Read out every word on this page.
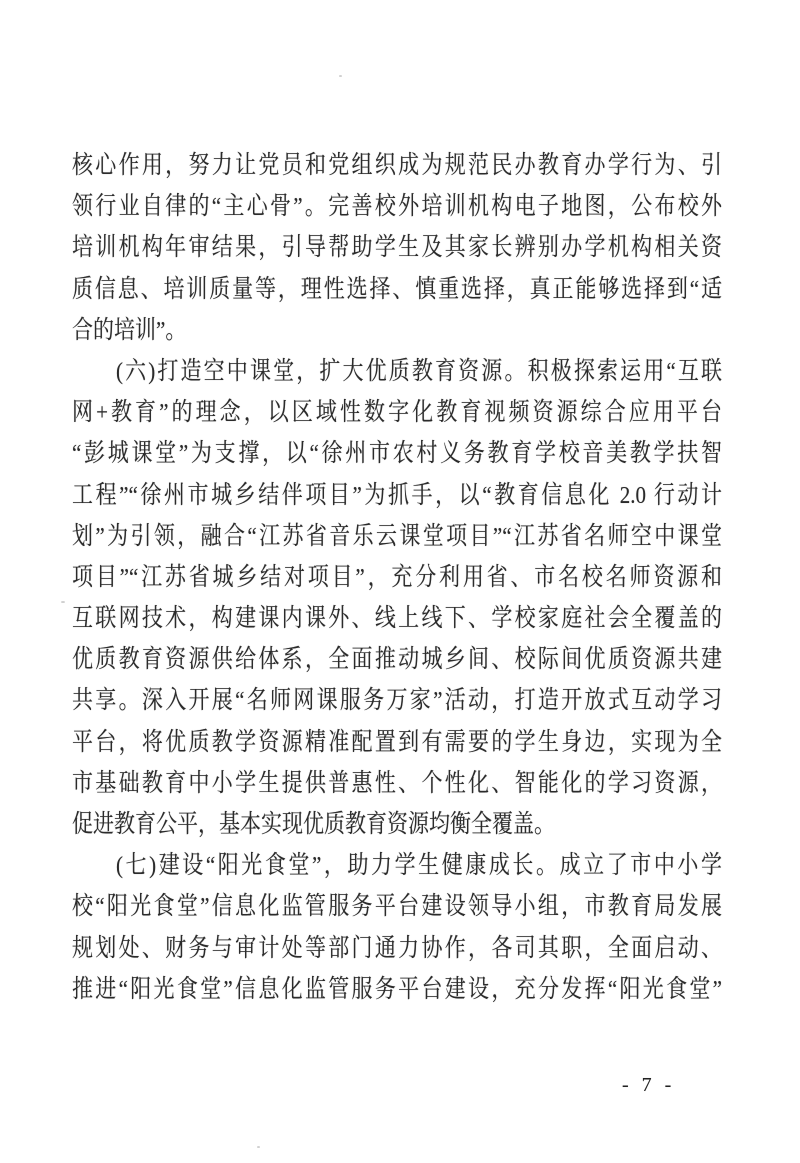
核心作用，努力让党员和党组织成为规范民办教育办学行为、引
领行业自律的“主心骨”。完善校外培训机构电子地图，公布校外
培训机构年审结果，引导帮助学生及其家长辨别办学机构相关资
质信息、培训质量等，理性选择、慎重选择，真正能够选择到“适
合的培训”。
(六)打造空中课堂，扩大优质教育资源。积极探索运用“互联
网+教育”的理念，以区域性数字化教育视频资源综合应用平台
“彭城课堂”为支撑，以“徐州市农村义务教育学校音美教学扶智
工程”“徐州市城乡结伴项目”为抓手，以“教育信息化 2.0 行动计
划”为引领，融合“江苏省音乐云课堂项目”“江苏省名师空中课堂
项目”“江苏省城乡结对项目”，充分利用省、市名校名师资源和
互联网技术，构建课内课外、线上线下、学校家庭社会全覆盖的
优质教育资源供给体系，全面推动城乡间、校际间优质资源共建
共享。深入开展“名师网课服务万家”活动，打造开放式互动学习
平台，将优质教学资源精准配置到有需要的学生身边，实现为全
市基础教育中小学生提供普惠性、个性化、智能化的学习资源，
促进教育公平，基本实现优质教育资源均衡全覆盖。
(七)建设“阳光食堂”，助力学生健康成长。成立了市中小学
校“阳光食堂”信息化监管服务平台建设领导小组，市教育局发展
规划处、财务与审计处等部门通力协作，各司其职，全面启动、
推进“阳光食堂”信息化监管服务平台建设，充分发挥“阳光食堂”
- 7 -
